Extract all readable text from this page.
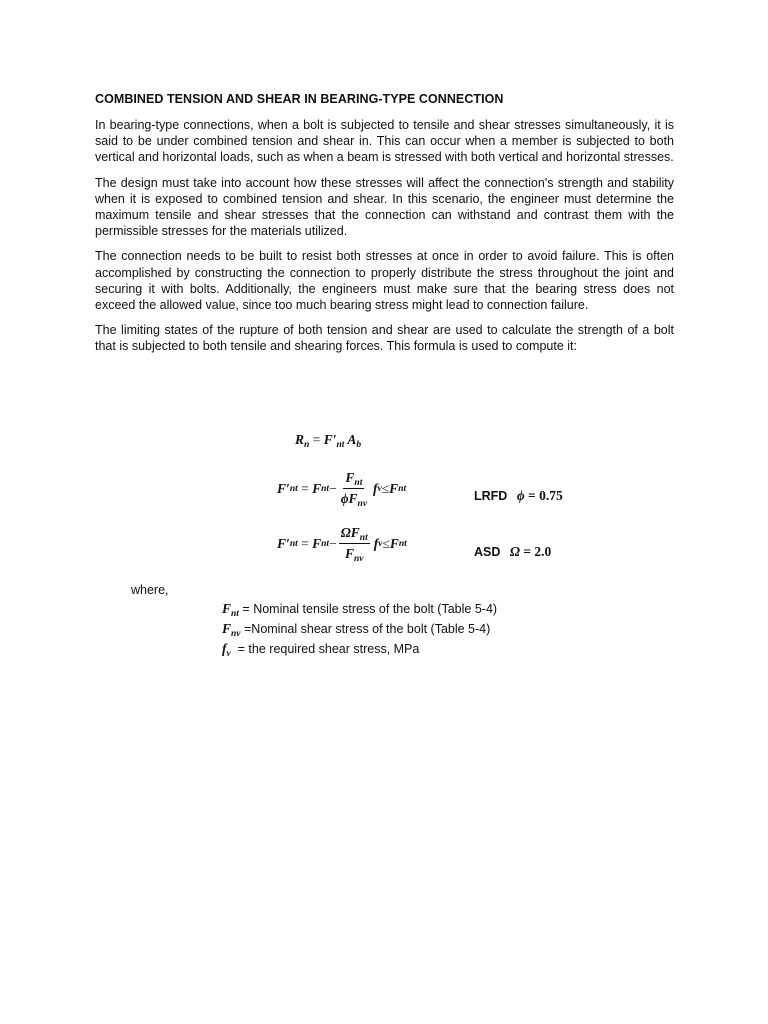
COMBINED TENSION AND SHEAR IN BEARING-TYPE CONNECTION

In bearing-type connections, when a bolt is subjected to tensile and shear stresses simultaneously, it is said to be under combined tension and shear in. This can occur when a member is subjected to both vertical and horizontal loads, such as when a beam is stressed with both vertical and horizontal stresses.

The design must take into account how these stresses will affect the connection's strength and stability when it is exposed to combined tension and shear. In this scenario, the engineer must determine the maximum tensile and shear stresses that the connection can withstand and contrast them with the permissible stresses for the materials utilized.

The connection needs to be built to resist both stresses at once in order to avoid failure. This is often accomplished by constructing the connection to properly distribute the stress throughout the joint and securing it with bolts. Additionally, the engineers must make sure that the bearing stress does not exceed the allowed value, since too much bearing stress might lead to connection failure.

The limiting states of the rupture of both tension and shear are used to calculate the strength of a bolt that is subjected to both tensile and shearing forces. This formula is used to compute it:

$R_n = F'_{nt}$ $A_b$
F′ nt = F nt − $\frac{F_{nt}}{\phi F_{nv}}$ f v ≤ F nt
LRFD ϕ = 0.75
F′ nt = F nt − $\frac{\Omega F_{nt}}{F_{nv}}$ f v ≤ F nt
ASD Ω = 2.0
where,
$F_{nt}$ = Nominal tensile stress of the bolt (Table 5-4)
$F_{nv}$ =Nominal shear stress of the bolt (Table 5-4)
$f_v$ = the required shear stress, MPa
